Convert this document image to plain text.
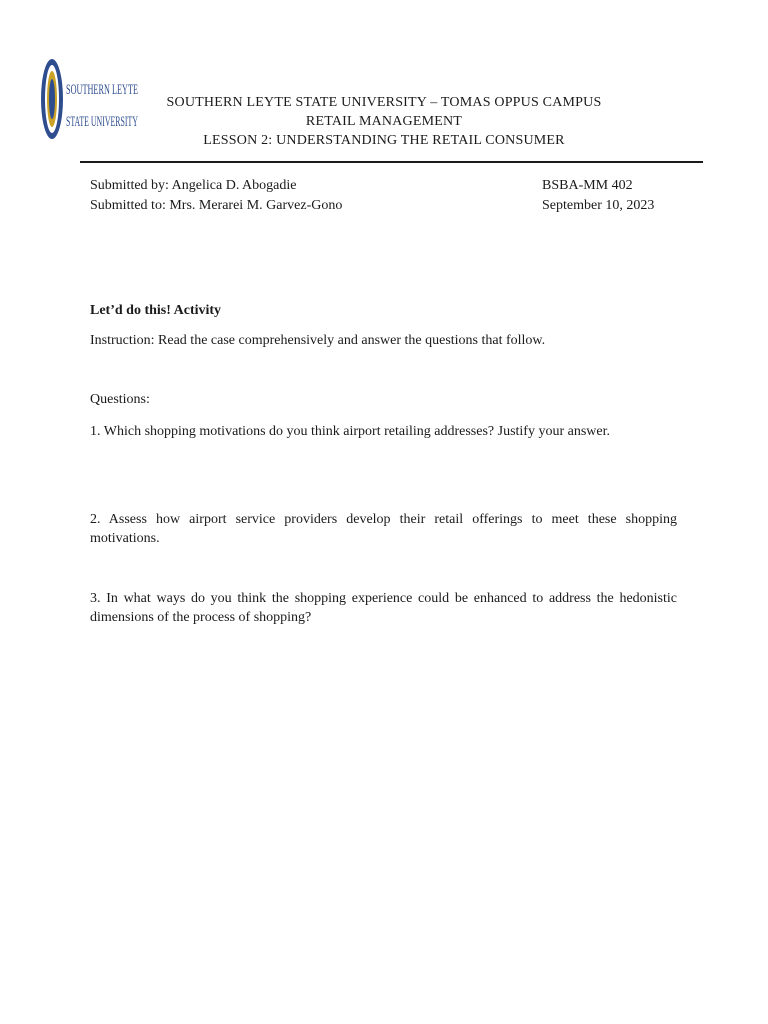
SOUTHERN LEYTE
STATE UNIVERSITY
SOUTHERN LEYTE STATE UNIVERSITY – TOMAS OPPUS CAMPUS
RETAIL MANAGEMENT
LESSON 2: UNDERSTANDING THE RETAIL CONSUMER
Submitted by: Angelica D. Abogadie
Submitted to: Mrs. Merarei M. Garvez-Gono
BSBA-MM 402
September 10, 2023
Let’d do this! Activity
Instruction: Read the case comprehensively and answer the questions that follow.
Questions:
1. Which shopping motivations do you think airport retailing addresses? Justify your answer.
2. Assess how airport service providers develop their retail offerings to meet these shopping motivations.
3. In what ways do you think the shopping experience could be enhanced to address the hedonistic dimensions of the process of shopping?
